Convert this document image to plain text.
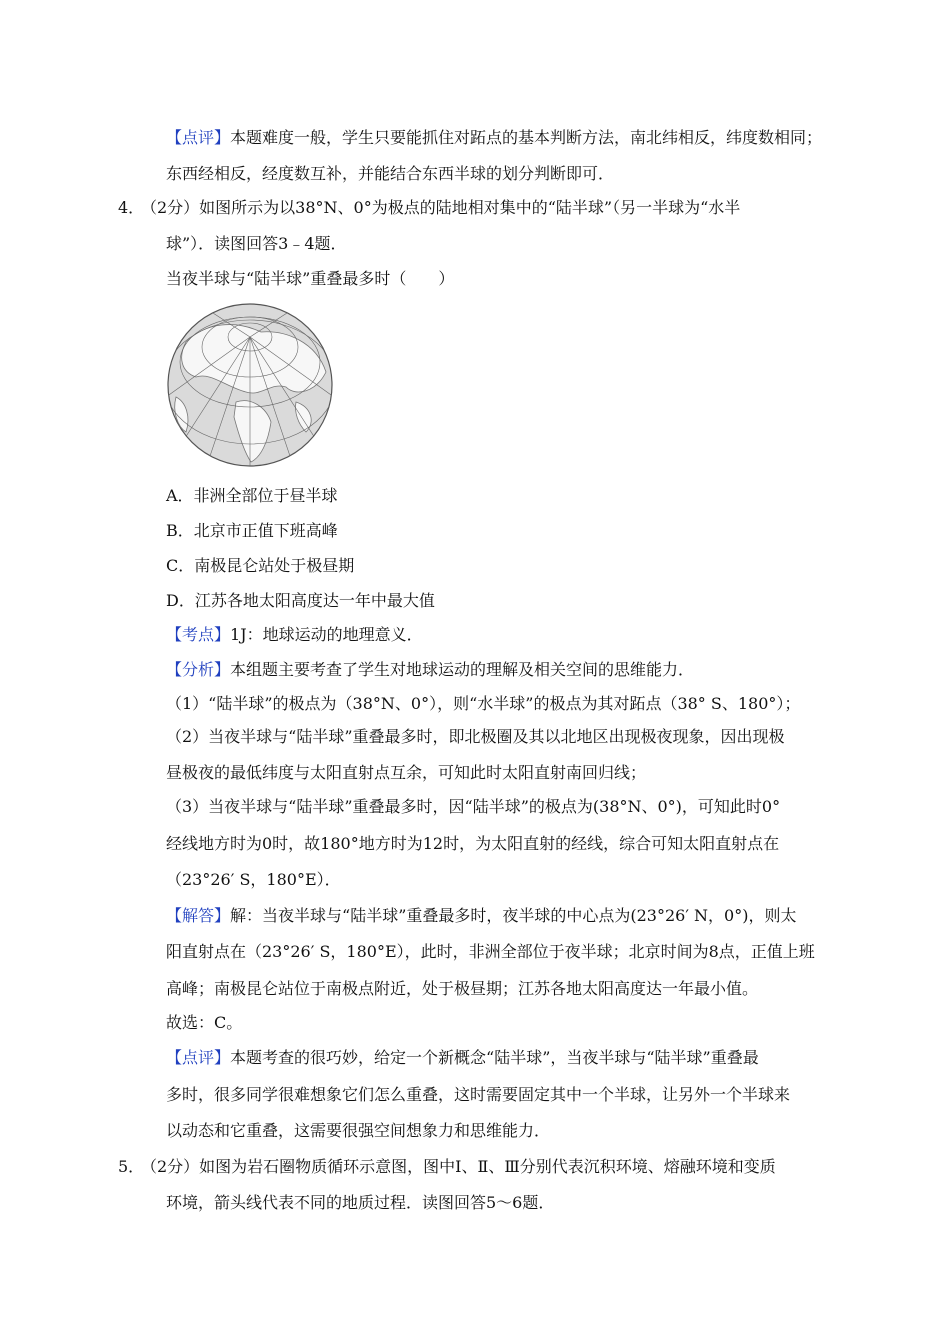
【点评】本题难度一般，学生只要能抓住对跖点的基本判断方法，南北纬相反，纬度数相同；
东西经相反，经度数互补，并能结合东西半球的划分判断即可．
4．
（2分）如图所示为以38°N、0°为极点的陆地相对集中的“陆半球”（另一半球为“水半
球”）．读图回答3﹣4题．
当夜半球与“陆半球”重叠最多时（　　）
A．非洲全部位于昼半球
B．北京市正值下班高峰
C．南极昆仑站处于极昼期
D．江苏各地太阳高度达一年中最大值
【考点】1J：地球运动的地理意义．
【分析】本组题主要考查了学生对地球运动的理解及相关空间的思维能力．
（1）“陆半球”的极点为（38°N、0°），则“水半球”的极点为其对跖点（38° S、180°）；
（2）当夜半球与“陆半球”重叠最多时，即北极圈及其以北地区出现极夜现象，因出现极
昼极夜的最低纬度与太阳直射点互余，可知此时太阳直射南回归线；
（3）当夜半球与“陆半球”重叠最多时，因“陆半球”的极点为(38°N、0°)，可知此时0°
经线地方时为0时，故180°地方时为12时，为太阳直射的经线，综合可知太阳直射点在
（23°26′ S，180°E）．
【解答】解：当夜半球与“陆半球”重叠最多时，夜半球的中心点为(23°26′ N，0°)，则太
阳直射点在（23°26′ S，180°E），此时，非洲全部位于夜半球；北京时间为8点，正值上班
高峰；南极昆仑站位于南极点附近，处于极昼期；江苏各地太阳高度达一年最小值。
故选：C。
【点评】本题考查的很巧妙，给定一个新概念“陆半球”，当夜半球与“陆半球”重叠最
多时，很多同学很难想象它们怎么重叠，这时需要固定其中一个半球，让另外一个半球来
以动态和它重叠，这需要很强空间想象力和思维能力．
5．
（2分）如图为岩石圈物质循环示意图，图中Ⅰ、Ⅱ、Ⅲ分别代表沉积环境、熔融环境和变质
环境，箭头线代表不同的地质过程．读图回答5～6题．
